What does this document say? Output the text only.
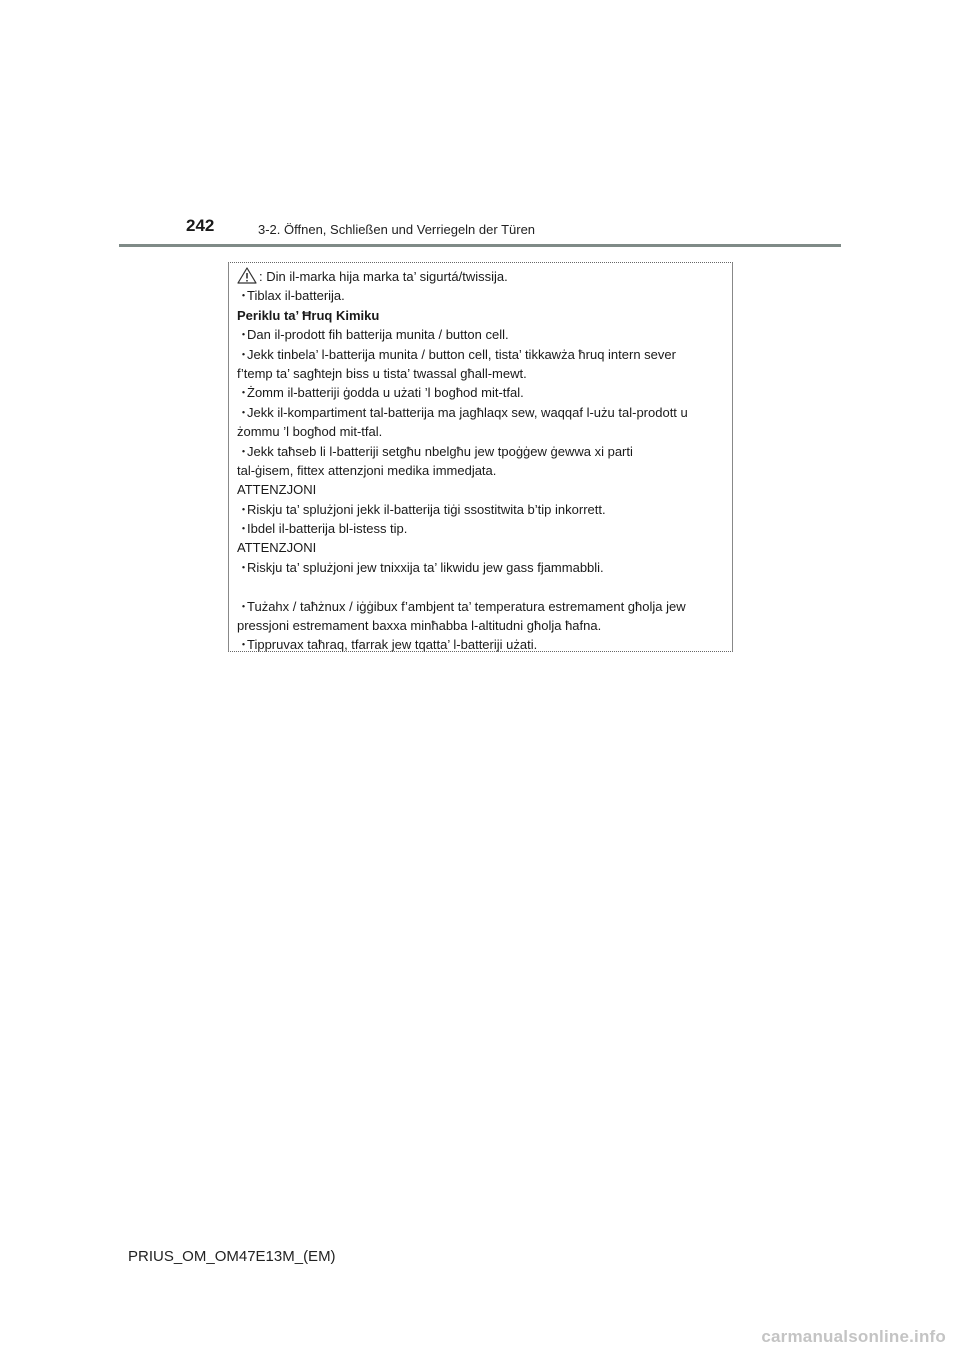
242	3-2. Öffnen, Schließen und Verriegeln der Türen
: Din il-marka hija marka ta’ sigurtá/twissija.
・Tiblax il-batterija.
Periklu ta’ Ħruq Kimiku
・Dan il-prodott fih batterija munita / button cell.
・Jekk tinbela’ l-batterija munita / button cell, tista’ tikkawża ħruq intern sever
f’temp ta’ sagħtejn biss u tista’ twassal għall-mewt.
・Żomm il-batteriji ġodda u użati ’l bogħod mit-tfal.
・Jekk il-kompartiment tal-batterija ma jagħlaqx sew, waqqaf l-użu tal-prodott u
żommu ’l bogħod mit-tfal.
・Jekk taħseb li l-batteriji setgħu nbelgħu jew tpoġġew ġewwa xi parti
tal-ġisem, fittex attenzjoni medika immedjata.
ATTENZJONI
・Riskju ta’ splużjoni jekk il-batterija tiġi ssostitwita b’tip inkorrett.
・Ibdel il-batterija bl-istess tip.
ATTENZJONI
・Riskju ta’ splużjoni jew tnixxija ta’ likwidu jew gass fjammabbli.
・Tużahx / taħżnux / iġġibux f’ambjent ta’ temperatura estremament għolja jew
pressjoni estremament baxxa minħabba l-altitudni għolja ħafna.
・Tippruvax taħraq, tfarrak jew tqatta’ l-batteriji użati.
PRIUS_OM_OM47E13M_(EM)
carmanualsonline.info
